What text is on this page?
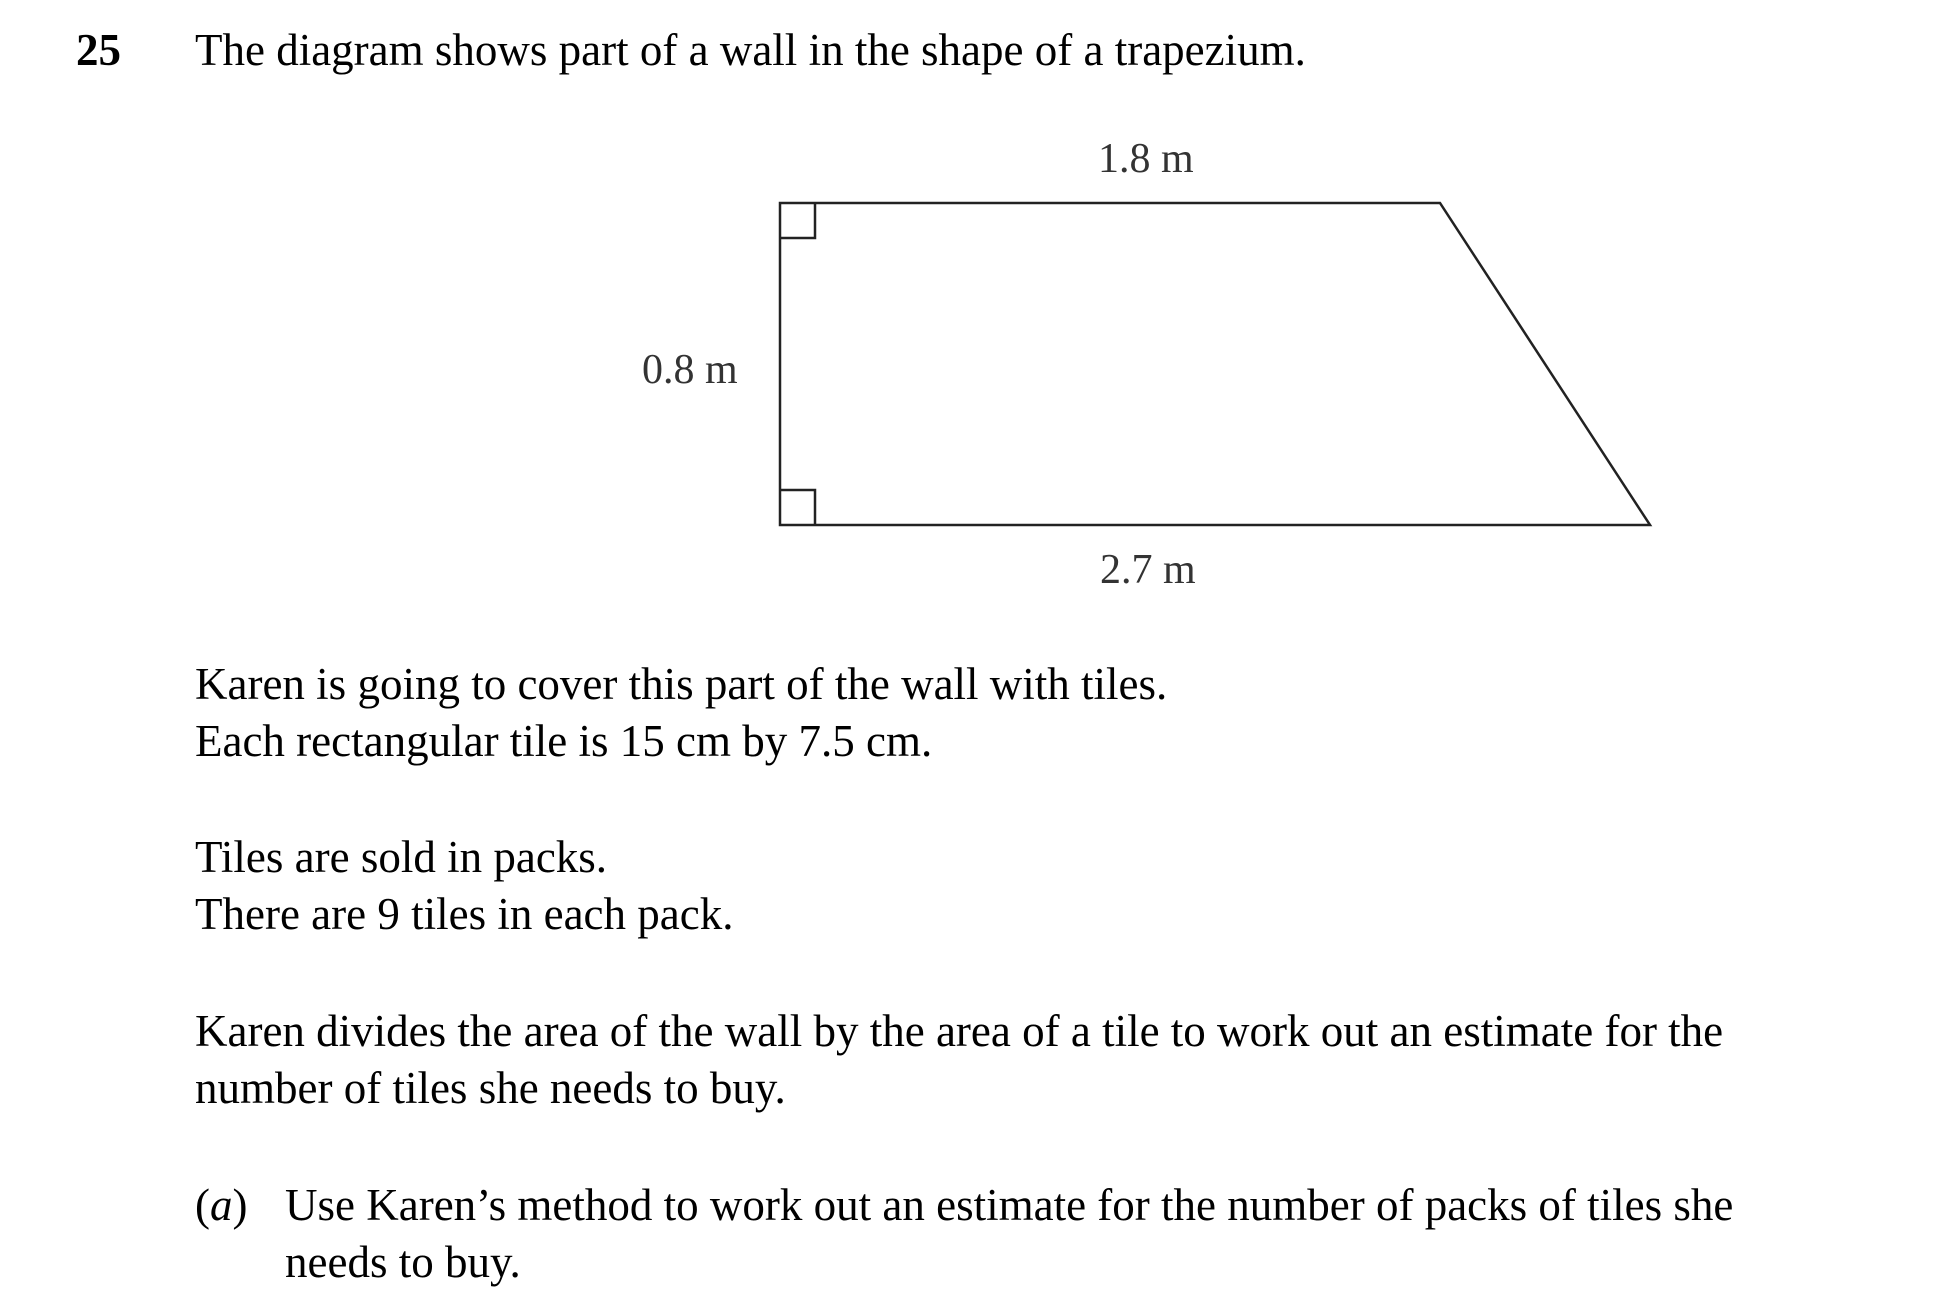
25 The diagram shows part of a wall in the shape of a trapezium.
1.8 m
0.8 m
2.7 m
Karen is going to cover this part of the wall with tiles.
Each rectangular tile is 15 cm by 7.5 cm.
Tiles are sold in packs.
There are 9 tiles in each pack.
Karen divides the area of the wall by the area of a tile to work out an estimate for the
number of tiles she needs to buy.
(a) Use Karen’s method to work out an estimate for the number of packs of tiles she
needs to buy.
